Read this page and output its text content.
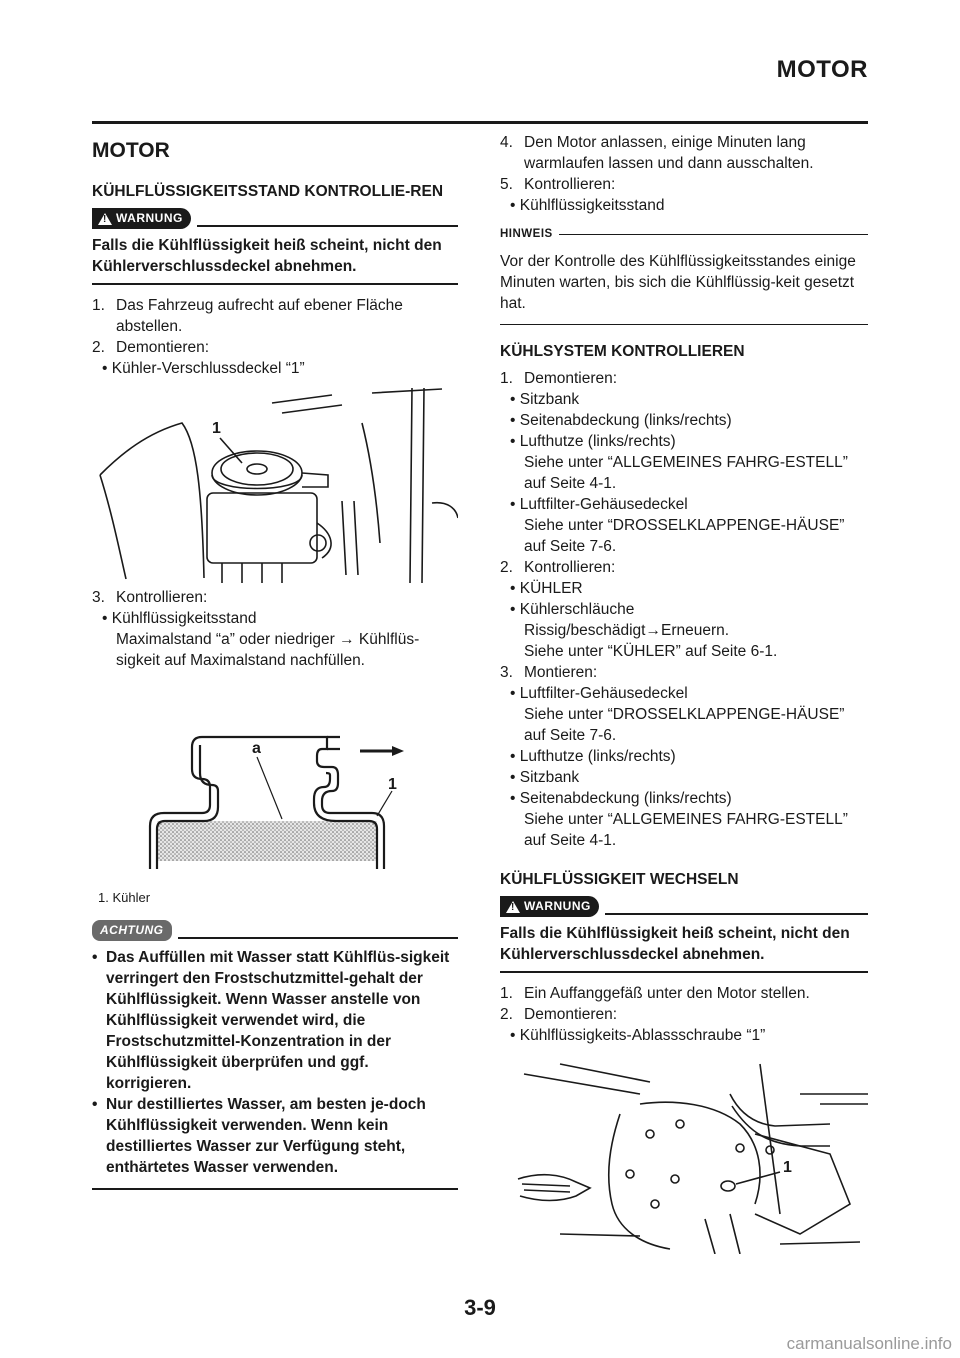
MOTOR
MOTOR
KÜHLFLÜSSIGKEITSSTAND KONTROLLIE-REN
! WARNUNG
Falls die Kühlflüssigkeit heiß scheint, nicht den Kühlerverschlussdeckel abnehmen.
1. Das Fahrzeug aufrecht auf ebener Fläche abstellen.
2. Demontieren:
• Kühler-Verschlussdeckel “1”
1
3. Kontrollieren:
• Kühlflüssigkeitsstand
Maximalstand “a” oder niedriger → Kühlflüs-sigkeit auf Maximalstand nachfüllen.
a
1
1. Kühler
ACHTUNG
• Das Auffüllen mit Wasser statt Kühlflüs-sigkeit verringert den Frostschutzmittel-gehalt der Kühlflüssigkeit. Wenn Wasser anstelle von Kühlflüssigkeit verwendet wird, die Frostschutzmittel-Konzentration in der Kühlflüssigkeit überprüfen und ggf. korrigieren.
• Nur destilliertes Wasser, am besten je-doch Kühlflüssigkeit verwenden. Wenn kein destilliertes Wasser zur Verfügung steht, enthärtetes Wasser verwenden.
4. Den Motor anlassen, einige Minuten lang warmlaufen lassen und dann ausschalten.
5. Kontrollieren:
• Kühlflüssigkeitsstand
HINWEIS
Vor der Kontrolle des Kühlflüssigkeitsstandes einige Minuten warten, bis sich die Kühlflüssig-keit gesetzt hat.
KÜHLSYSTEM KONTROLLIEREN
1. Demontieren:
• Sitzbank
• Seitenabdeckung (links/rechts)
• Lufthutze (links/rechts)
Siehe unter “ALLGEMEINES FAHRG-ESTELL” auf Seite 4-1.
• Luftfilter-Gehäusedeckel
Siehe unter “DROSSELKLAPPENGE-HÄUSE” auf Seite 7-6.
2. Kontrollieren:
• KÜHLER
• Kühlerschläuche
Rissig/beschädigt→Erneuern.
Siehe unter “KÜHLER” auf Seite 6-1.
3. Montieren:
• Luftfilter-Gehäusedeckel
Siehe unter “DROSSELKLAPPENGE-HÄUSE” auf Seite 7-6.
• Lufthutze (links/rechts)
• Sitzbank
• Seitenabdeckung (links/rechts)
Siehe unter “ALLGEMEINES FAHRG-ESTELL” auf Seite 4-1.
KÜHLFLÜSSIGKEIT WECHSELN
! WARNUNG
Falls die Kühlflüssigkeit heiß scheint, nicht den Kühlerverschlussdeckel abnehmen.
1. Ein Auffanggefäß unter den Motor stellen.
2. Demontieren:
• Kühlflüssigkeits-Ablassschraube “1”
1
3-9
carmanualsonline.info
